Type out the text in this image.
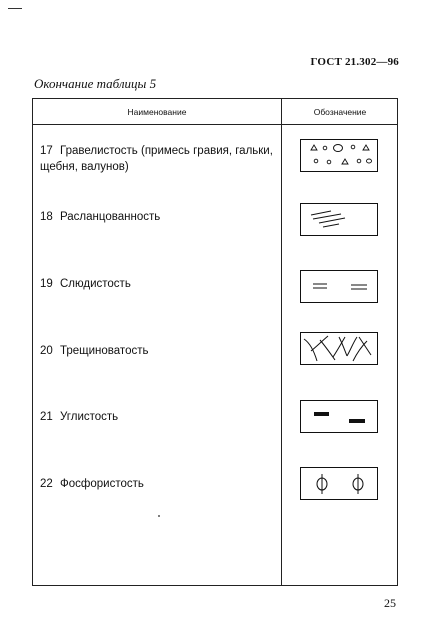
ГОСТ 21.302—96
Окончание таблицы 5
Наименование	Обозначение
17 Гравелистость (примесь гравия, гальки, щебня, валунов)
18 Расланцованность
19 Слюдистость
20 Трещиноватость
21 Углистость
22 Фосфористость
25
